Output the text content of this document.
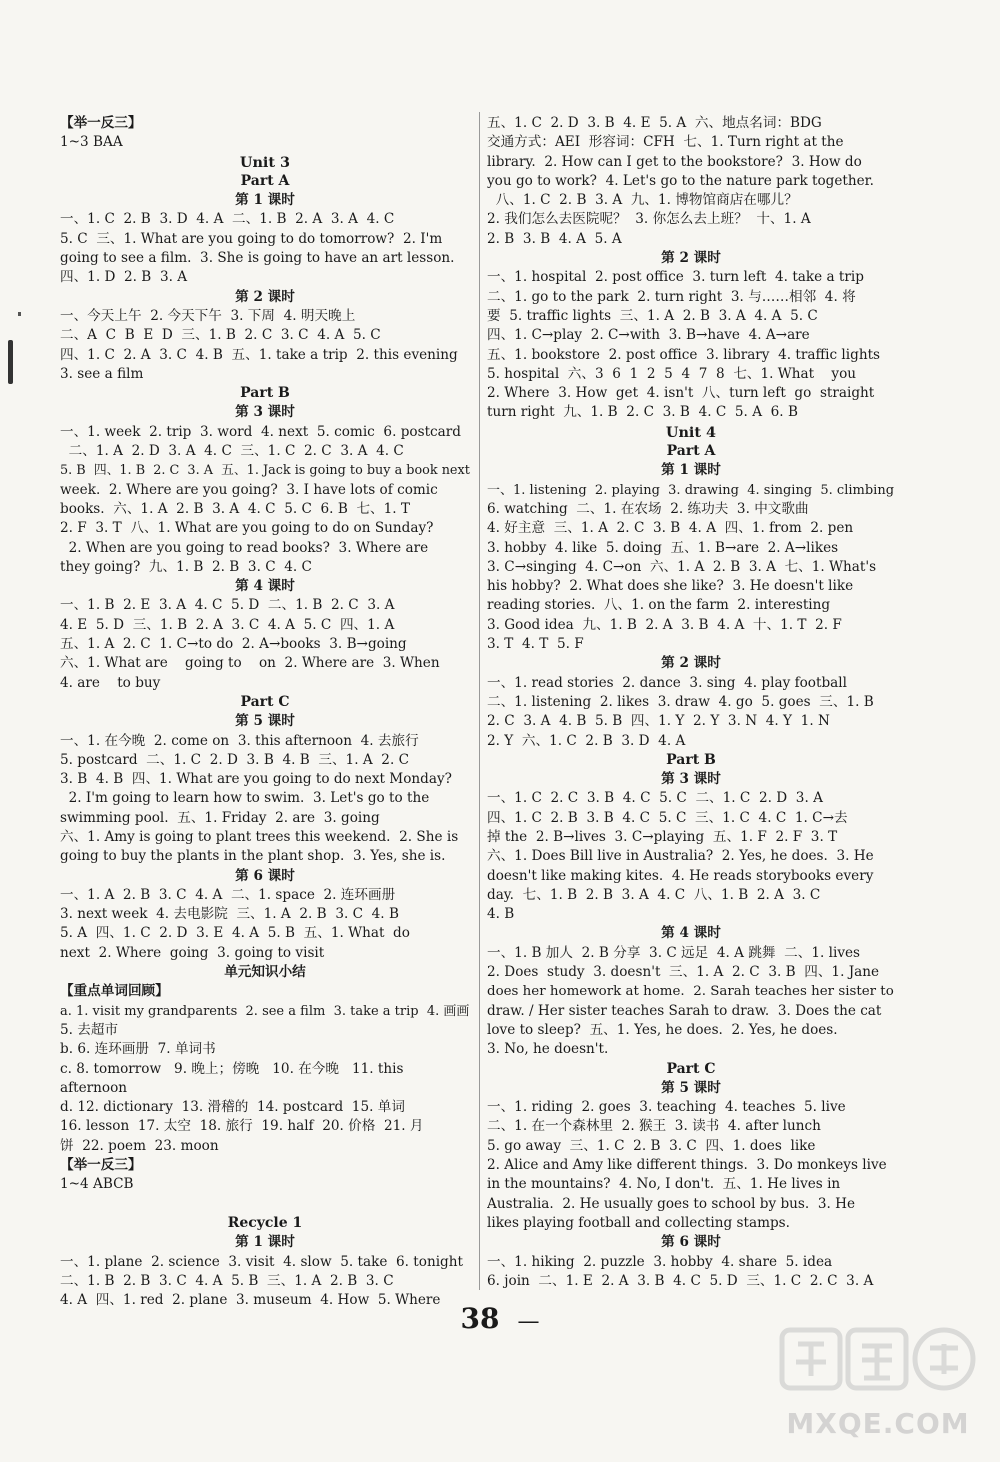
【举一反三】
1~3 BAA
Unit 3
Part A
第 1 课时
一、1. C  2. B  3. D  4. A  二、1. B  2. A  3. A  4. C
5. C  三、1. What are you going to do tomorrow?  2. I'm
going to see a film.  3. She is going to have an art lesson.
四、1. D  2. B  3. A
第 2 课时
一、今天上午  2. 今天下午  3. 下周  4. 明天晚上
二、A  C  B  E  D  三、1. B  2. C  3. C  4. A  5. C
四、1. C  2. A  3. C  4. B  五、1. take a trip  2. this evening
3. see a film
Part B
第 3 课时
一、1. week  2. trip  3. word  4. next  5. comic  6. postcard
二、1. A  2. D  3. A  4. C  三、1. C  2. C  3. A  4. C
5. B  四、1. B  2. C  3. A  五、1. Jack is going to buy a book next
week.  2. Where are you going?  3. I have lots of comic
books.  六、1. A  2. B  3. A  4. C  5. C  6. B  七、1. T
2. F  3. T  八、1. What are you going to do on Sunday?
2. When are you going to read books?  3. Where are
they going?  九、1. B  2. B  3. C  4. C
第 4 课时
一、1. B  2. E  3. A  4. C  5. D  二、1. B  2. C  3. A
4. E  5. D  三、1. B  2. A  3. C  4. A  5. C  四、1. A
五、1. A  2. C  1. C→to do  2. A→books  3. B→going
六、1. What are    going to    on  2. Where are  3. When
4. are    to buy
Part C
第 5 课时
一、1. 在今晚  2. come on  3. this afternoon  4. 去旅行
5. postcard  二、1. C  2. D  3. B  4. B  三、1. A  2. C
3. B  4. B  四、1. What are you going to do next Monday?
2. I'm going to learn how to swim.  3. Let's go to the
swimming pool.  五、1. Friday  2. are  3. going
六、1. Amy is going to plant trees this weekend.  2. She is
going to buy the plants in the plant shop.  3. Yes, she is.
第 6 课时
一、1. A  2. B  3. C  4. A  二、1. space  2. 连环画册
3. next week  4. 去电影院  三、1. A  2. B  3. C  4. B
5. A  四、1. C  2. D  3. E  4. A  5. B  五、1. What  do
next  2. Where  going  3. going to visit
单元知识小结
【重点单词回顾】
a. 1. visit my grandparents  2. see a film  3. take a trip  4. 画画
5. 去超市
b. 6. 连环画册  7. 单词书
c. 8. tomorrow   9. 晚上；傍晚   10. 在今晚   11. this
afternoon
d. 12. dictionary  13. 滑稽的  14. postcard  15. 单词
16. lesson  17. 太空  18. 旅行  19. half  20. 价格  21. 月
饼  22. poem  23. moon
【举一反三】
1~4 ABCB
Recycle 1
第 1 课时
一、1. plane  2. science  3. visit  4. slow  5. take  6. tonight
二、1. B  2. B  3. C  4. A  5. B  三、1. A  2. B  3. C
4. A  四、1. red  2. plane  3. museum  4. How  5. Where
五、1. C  2. D  3. B  4. E  5. A  六、地点名词：BDG
交通方式：AEI  形容词：CFH  七、1. Turn right at the
library.  2. How can I get to the bookstore?  3. How do
you go to work?  4. Let's go to the nature park together.
八、1. C  2. B  3. A  九、1. 博物馆商店在哪儿？
2. 我们怎么去医院呢？  3. 你怎么去上班？  十、1. A
2. B  3. B  4. A  5. A
第 2 课时
一、1. hospital  2. post office  3. turn left  4. take a trip
二、1. go to the park  2. turn right  3. 与……相邻  4. 将
要  5. traffic lights  三、1. A  2. B  3. A  4. A  5. C
四、1. C→play  2. C→with  3. B→have  4. A→are
五、1. bookstore  2. post office  3. library  4. traffic lights
5. hospital  六、3  6  1  2  5  4  7  8  七、1. What    you
2. Where  3. How  get  4. isn't  八、turn left  go  straight
turn right  九、1. B  2. C  3. B  4. C  5. A  6. B
Unit 4
Part A
第 1 课时
一、1. listening  2. playing  3. drawing  4. singing  5. climbing
6. watching  二、1. 在农场  2. 练功夫  3. 中文歌曲
4. 好主意  三、1. A  2. C  3. B  4. A  四、1. from  2. pen
3. hobby  4. like  5. doing  五、1. B→are  2. A→likes
3. C→singing  4. C→on  六、1. A  2. B  3. A  七、1. What's
his hobby?  2. What does she like?  3. He doesn't like
reading stories.  八、1. on the farm  2. interesting
3. Good idea  九、1. B  2. A  3. B  4. A  十、1. T  2. F
3. T  4. T  5. F
第 2 课时
一、1. read stories  2. dance  3. sing  4. play football
二、1. listening  2. likes  3. draw  4. go  5. goes  三、1. B
2. C  3. A  4. B  5. B  四、1. Y  2. Y  3. N  4. Y  1. N
2. Y  六、1. C  2. B  3. D  4. A
Part B
第 3 课时
一、1. C  2. C  3. B  4. C  5. C  二、1. C  2. D  3. A
四、1. C  2. B  3. B  4. C  5. C  三、1. C  4. C  1. C→去
掉 the  2. B→lives  3. C→playing  五、1. F  2. F  3. T
六、1. Does Bill live in Australia?  2. Yes, he does.  3. He
doesn't like making kites.  4. He reads storybooks every
day.  七、1. B  2. B  3. A  4. C  八、1. B  2. A  3. C
4. B
第 4 课时
一、1. B 加人  2. B 分享  3. C 远足  4. A 跳舞  二、1. lives
2. Does  study  3. doesn't  三、1. A  2. C  3. B  四、1. Jane
does her homework at home.  2. Sarah teaches her sister to
draw. / Her sister teaches Sarah to draw.  3. Does the cat
love to sleep?  五、1. Yes, he does.  2. Yes, he does.
3. No, he doesn't.
Part C
第 5 课时
一、1. riding  2. goes  3. teaching  4. teaches  5. live
二、1. 在一个森林里  2. 猴王  3. 读书  4. after lunch
5. go away  三、1. C  2. B  3. C  四、1. does  like
2. Alice and Amy like different things.  3. Do monkeys live
in the mountains?  4. No, I don't.  五、1. He lives in
Australia.  2. He usually goes to school by bus.  3. He
likes playing football and collecting stamps.
第 6 课时
一、1. hiking  2. puzzle  3. hobby  4. share  5. idea
6. join  二、1. E  2. A  3. B  4. C  5. D  三、1. C  2. C  3. A
38 —
MXQE.COM
